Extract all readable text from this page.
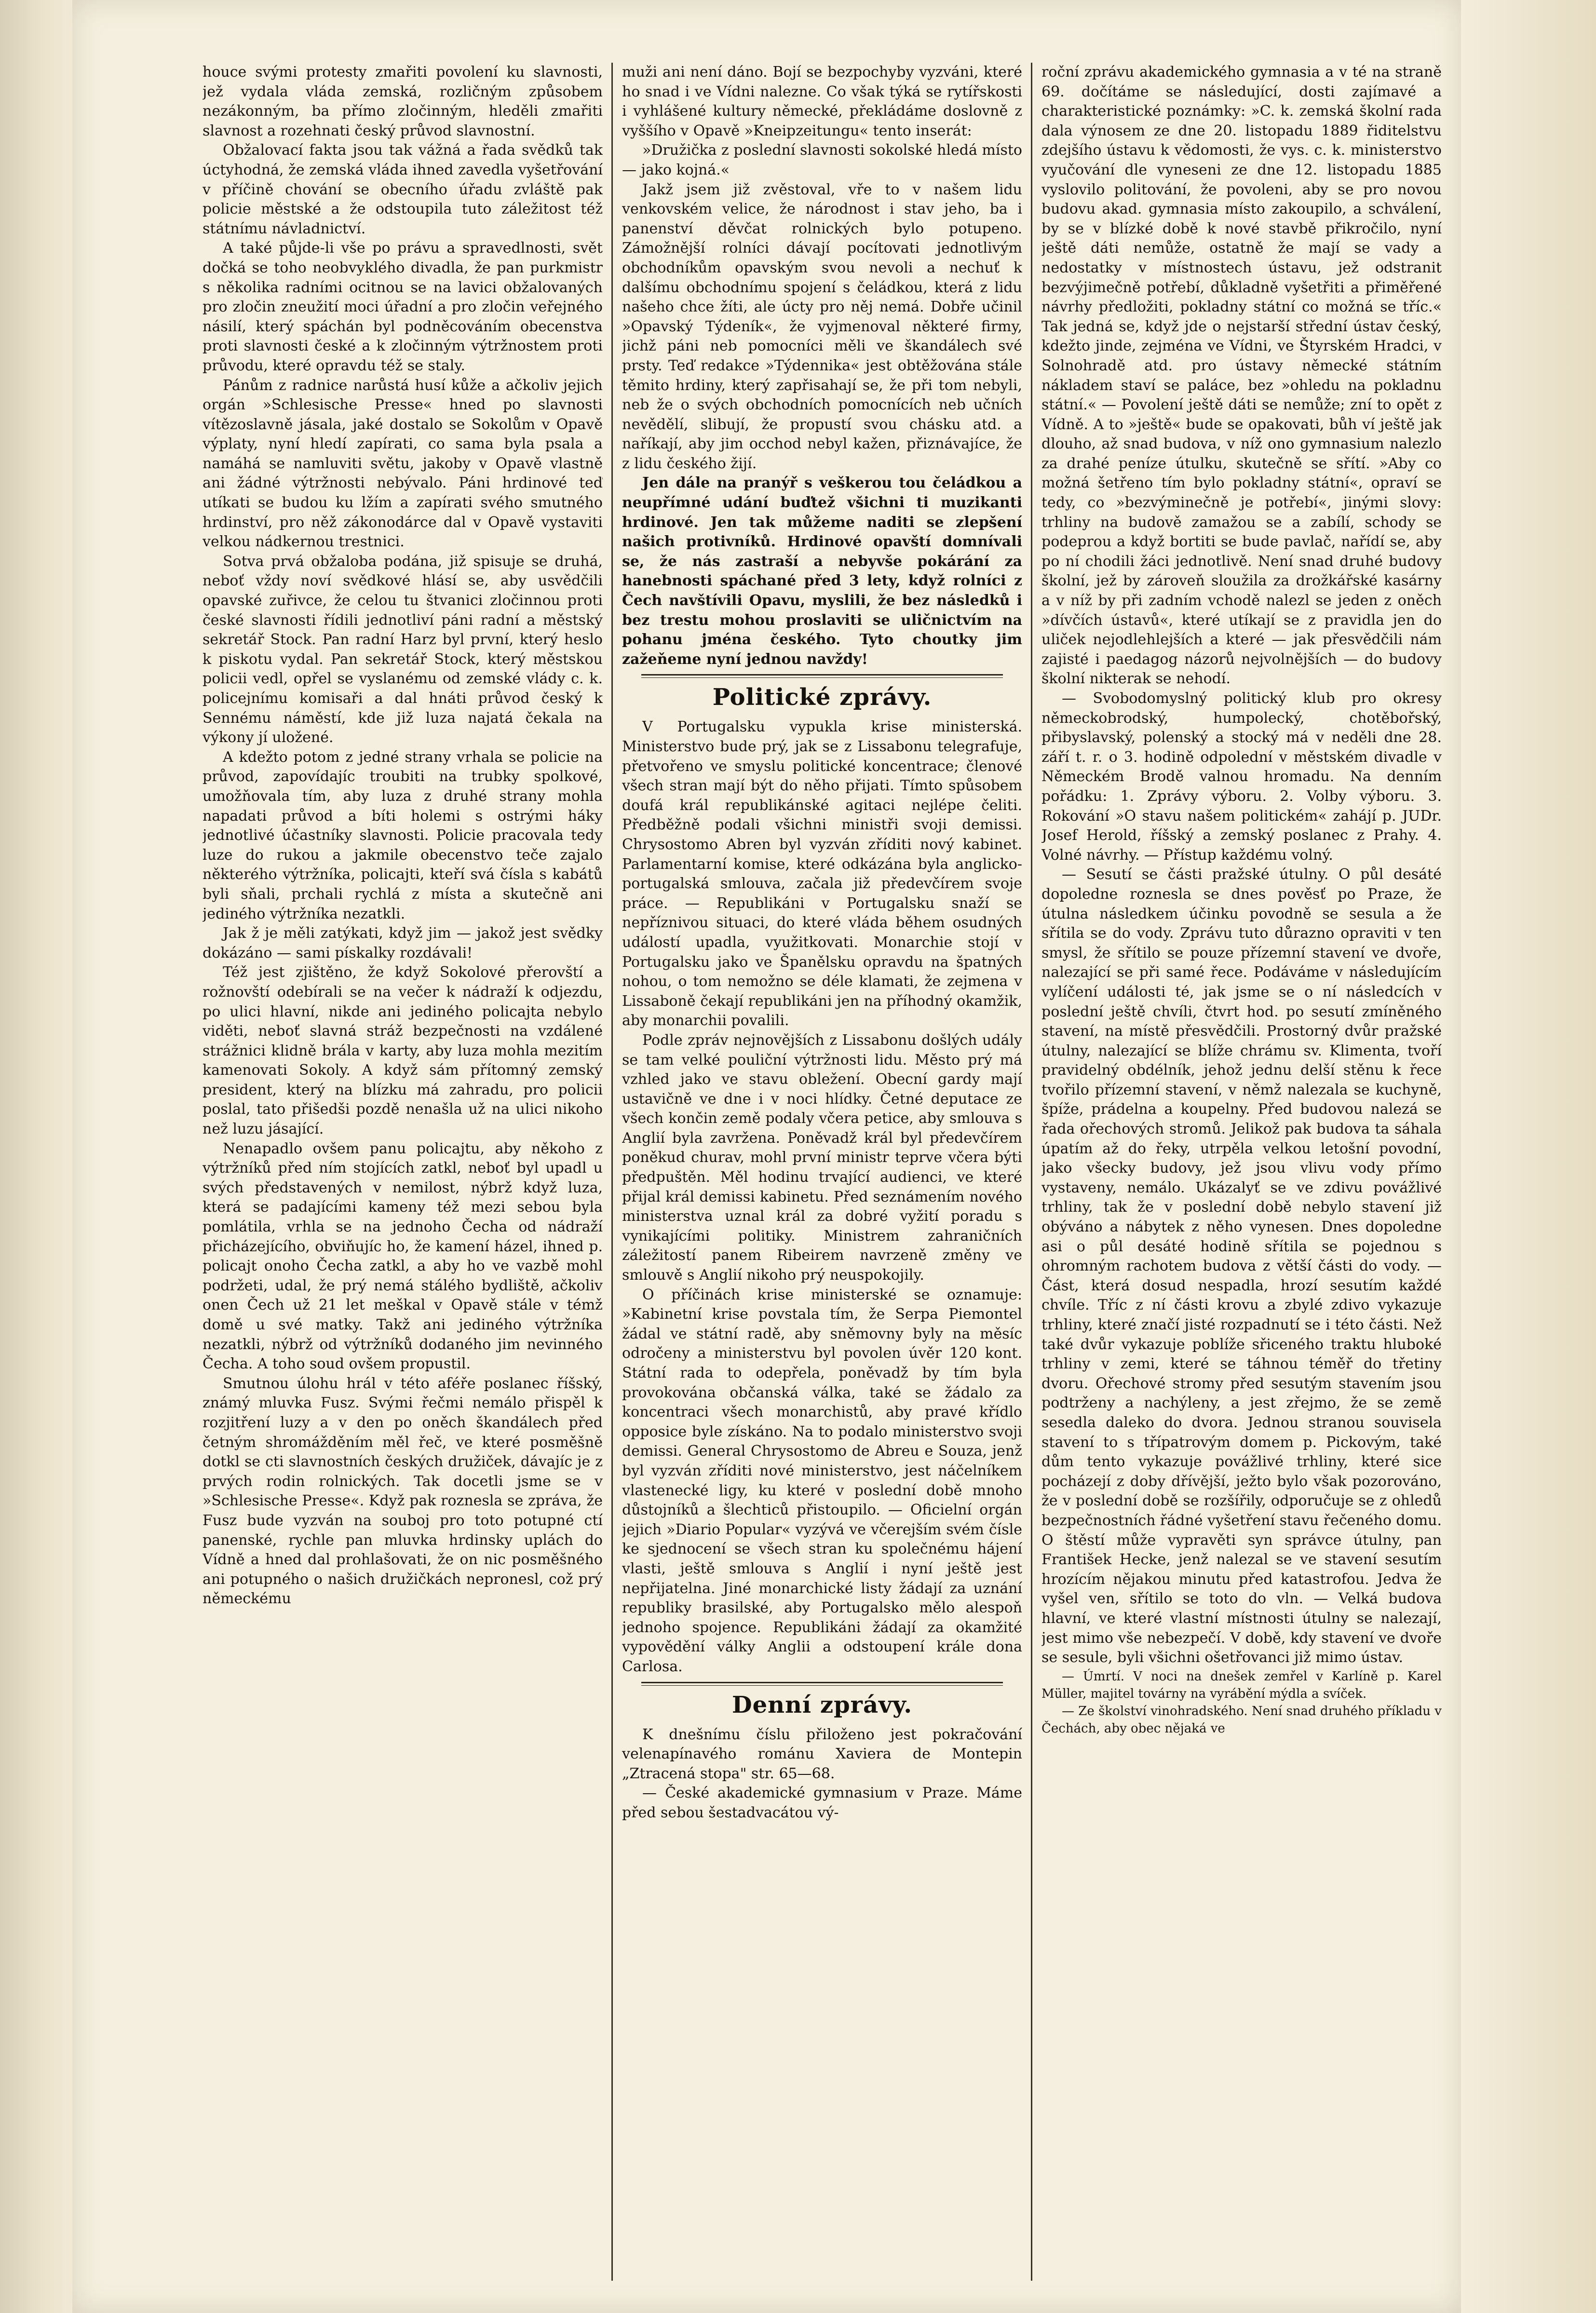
houce svými protesty zmařiti povolení ku slavnosti, jež vydala vláda zemská, rozličným způsobem nezákonným, ba přímo zločinným, hleděli zmařiti slavnost a rozehnati český průvod slavnostní.

Obžalovací fakta jsou tak vážná a řada svědků tak úctyhodná, že zemská vláda ihned zavedla vyšetřování v příčině chování se obecního úřadu zvláště pak policie městské a že odstoupila tuto záležitost též státnímu návladnictví.

A také půjde-li vše po právu a spravedlnosti, svět dočká se toho neobvyklého divadla, že pan purkmistr s několika radními ocitnou se na lavici obžalovaných pro zločin zneužití moci úřadní a pro zločin veřejného násilí, který spáchán byl podněcováním obecenstva proti slavnosti české a k zločinným výtržnostem proti průvodu, které opravdu též se staly.

Pánům z radnice narůstá husí kůže a ačkoliv jejich orgán »Schlesische Presse« hned po slavnosti vítězoslavně jásala, jaké dostalo se Sokolům v Opavě výplaty, nyní hledí zapírati, co sama byla psala a namáhá se namluviti světu, jakoby v Opavě vlastně ani žádné výtržnosti nebývalo. Páni hrdinové teď utíkati se budou ku lžím a zapírati svého smutného hrdinství, pro něž zákonodárce dal v Opavě vystaviti velkou nádkernou trestnici.

Sotva prvá obžaloba podána, již spisuje se druhá, neboť vždy noví svědkové hlásí se, aby usvědčili opavské zuřivce, že celou tu štvanici zločinnou proti české slavnosti řídili jednotliví páni radní a městský sekretář Stock. Pan radní Harz byl první, který heslo k piskotu vydal. Pan sekretář Stock, který městskou policii vedl, opřel se vyslanému od zemské vlády c. k. policejnímu komisaři a dal hnáti průvod český k Sennému náměstí, kde již luza najatá čekala na výkony jí uložené.

A kdežto potom z jedné strany vrhala se policie na průvod, zapovídajíc troubiti na trubky spolkové, umožňovala tím, aby luza z druhé strany mohla napadati průvod a bíti holemi s ostrými háky jednotlivé účastníky slavnosti. Policie pracovala tedy luze do rukou a jakmile obecenstvo teče zajalo některého výtržníka, policajti, kteří svá čísla s kabátů byli sňali, prchali rychlá z místa a skutečně ani jediného výtržníka nezatkli.

Jak ž je měli zatýkati, když jim — jakož jest svědky dokázáno — sami pískalky rozdávali!

Též jest zjištěno, že když Sokolové přerovští a rožnovští odebírali se na večer k nádraží k odjezdu, po ulici hlavní, nikde ani jediného policajta nebylo viděti, neboť slavná stráž bezpečnosti na vzdálené strážnici klidně brála v karty, aby luza mohla mezitím kamenovati Sokoly. A když sám přítomný zemský president, který na blízku má zahradu, pro policii poslal, tato přišedši pozdě nenašla už na ulici nikoho než luzu jásající.

Nenapadlo ovšem panu policajtu, aby někoho z výtržníků před ním stojících zatkl, neboť byl upadl u svých představených v nemilost, nýbrž když luza, která se padajícími kameny též mezi sebou byla pomlátila, vrhla se na jednoho Čecha od nádraží přicházejícího, obviňujíc ho, že kamení házel, ihned p. policajt onoho Čecha zatkl, a aby ho ve vazbě mohl podržeti, udal, že prý nemá stálého bydliště, ačkoliv onen Čech už 21 let meškal v Opavě stále v témž domě u své matky. Takž ani jediného výtržníka nezatkli, nýbrž od výtržníků dodaného jim nevinného Čecha. A toho soud ovšem propustil.

Smutnou úlohu hrál v této aféře poslanec říšský, známý mluvka Fusz. Svými řečmi nemálo přispěl k rozjitření luzy a v den po oněch škandálech před četným shromážděním měl řeč, ve které posměšně dotkl se cti slavnostních českých družiček, dávajíc je z prvých rodin rolnických. Tak docetli jsme se v »Schlesische Presse«. Když pak roznesla se zpráva, že Fusz bude vyzván na souboj pro toto potupné ctí panenské, rychle pan mluvka hrdinsky uplách do Vídně a hned dal prohlašovati, že on nic posměšného ani potupného o našich družičkách nepronesl, což prý německému

muži ani není dáno. Bojí se bezpochyby vyzváni, které ho snad i ve Vídni nalezne. Co však týká se rytířskosti i vyhlášené kultury německé, překládáme doslovně z vyššího v Opavě »Kneipzeitungu« tento inserát:

»Družička z poslední slavnosti sokolské hledá místo — jako kojná.«

Jakž jsem již zvěstoval, vře to v našem lidu venkovském velice, že národnost i stav jeho, ba i panenství děvčat rolnických bylo potupeno. Zámožnější rolníci dávají pocítovati jednotlivým obchodníkům opavským svou nevoli a nechuť k dalšímu obchodnímu spojení s čeládkou, která z lidu našeho chce žíti, ale úcty pro něj nemá. Dobře učinil »Opavský Týdeník«, že vyjmenoval některé firmy, jichž páni neb pomocníci měli ve škandálech své prsty. Teď redakce »Týdennika« jest obtěžována stále těmito hrdiny, který zapřisahají se, že při tom nebyli, neb že o svých obchodních pomocnících neb učních nevědělí, slibují, že propustí svou chásku atd. a naříkají, aby jim occhod nebyl kažen, přiznávajíce, že z lidu českého žijí.

Jen dále na pranýř s veškerou tou čeládkou a neupřímné udání buďtež všichni ti muzikanti hrdinové. Jen tak můžeme naditi se zlepšení našich protivníků. Hrdinové opavští domnívali se, že nás zastraší a nebyvše pokárání za hanebnosti spáchané před 3 lety, když rolníci z Čech navštívili Opavu, myslili, že bez následků i bez trestu mohou proslaviti se uličnictvím na pohanu jména českého. Tyto choutky jim zažeňeme nyní jednou navždy!

Politické zprávy.

V Portugalsku vypukla krise ministerská. Ministerstvo bude prý, jak se z Lissabonu telegrafuje, přetvořeno ve smyslu politické koncentrace; členové všech stran mají být do něho přijati. Tímto spůsobem doufá král republikánské agitaci nejlépe čeliti. Předběžně podali všichni ministři svoji demissi. Chrysostomo Abren byl vyzván zříditi nový kabinet. Parlamentarní komise, které odkázána byla anglicko-portugalská smlouva, začala již předevčírem svoje práce. — Republikáni v Portugalsku snaží se nepříznivou situaci, do které vláda během osudných událostí upadla, využitkovati. Monarchie stojí v Portugalsku jako ve Španělsku opravdu na špatných nohou, o tom nemožno se déle klamati, že zejmena v Lissaboně čekají republikáni jen na příhodný okamžik, aby monarchii povalili.

Podle zpráv nejnovějších z Lissabonu došlých udály se tam velké pouliční výtržnosti lidu. Město prý má vzhled jako ve stavu obležení. Obecní gardy mají ustavičně ve dne i v noci hlídky. Četné deputace ze všech končin země podaly včera petice, aby smlouva s Anglií byla zavržena. Poněvadž král byl předevčírem poněkud churav, mohl první ministr teprve včera býti předpuštěn. Měl hodinu trvající audienci, ve které přijal král demissi kabinetu. Před seznámením nového ministerstva uznal král za dobré vyžití poradu s vynikajícími politiky. Ministrem zahraničních záležitostí panem Ribeirem navrzeně změny ve smlouvě s Anglií nikoho prý neuspokojily.

O příčinách krise ministerské se oznamuje: »Kabinetní krise povstala tím, že Serpa Piemontel žádal ve státní radě, aby sněmovny byly na měsíc odročeny a ministerstvu byl povolen úvěr 120 kont. Státní rada to odepřela, poněvadž by tím byla provokována občanská válka, také se žádalo za koncentraci všech monarchistů, aby pravé křídlo opposice byle získáno. Na to podalo ministerstvo svoji demissi. General Chrysostomo de Abreu e Souza, jenž byl vyzván zříditi nové ministerstvo, jest náčelníkem vlastenecké ligy, ku které v poslední době mnoho důstojníků a šlechticů přistoupilo. — Oficielní orgán jejich »Diario Popular« vyzývá ve včerejším svém čísle ke sjednocení se všech stran ku společnému hájení vlasti, ještě smlouva s Anglií i nyní ještě jest nepřijatelna. Jiné monarchické listy žádají za uznání republiky brasilské, aby Portugalsko mělo alespoň jednoho spojence. Republikáni žádají za okamžité vypovědění války Anglii a odstoupení krále dona Carlosa.

Denní zprávy.

K dnešnímu číslu přiloženo jest pokračování velenapínavého románu Xaviera de Montepin „Ztracená stopa" str. 65—68.

— České akademické gymnasium v Praze. Máme před sebou šestadvacátou vý-

roční zprávu akademického gymnasia a v té na straně 69. dočítáme se následující, dosti zajímavé a charakteristické poznámky: »C. k. zemská školní rada dala výnosem ze dne 20. listopadu 1889 řiditelstvu zdejšího ústavu k vědomosti, že vys. c. k. ministerstvo vyučování dle vyneseni ze dne 12. listopadu 1885 vyslovilo politování, že povoleni, aby se pro novou budovu akad. gymnasia místo zakoupilo, a schválení, by se v blízké době k nové stavbě přikročilo, nyní ještě dáti nemůže, ostatně že mají se vady a nedostatky v místnostech ústavu, jež odstranit bezvýjimečně potřebí, důkladně vyšetřiti a přiměřené návrhy předložiti, pokladny státní co možná se tříc.« Tak jedná se, když jde o nejstarší střední ústav český, kdežto jinde, zejména ve Vídni, ve Štyrském Hradci, v Solnohradě atd. pro ústavy německé státním nákladem staví se paláce, bez »ohledu na pokladnu státní.« — Povolení ještě dáti se nemůže; zní to opět z Vídně. A to »ještě« bude se opakovati, bůh ví ještě jak dlouho, až snad budova, v níž ono gymnasium nalezlo za drahé peníze útulku, skutečně se sřítí. »Aby co možná šetřeno tím bylo pokladny státní«, opraví se tedy, co »bezvýminečně je potřebí«, jinými slovy: trhliny na budově zamažou se a zabílí, schody se podeprou a když bortiti se bude pavlač, nařídí se, aby po ní chodili žáci jednotlivě. Není snad druhé budovy školní, jež by zároveň sloužila za drožkářské kasárny a v níž by při zadním vchodě nalezl se jeden z oněch »dívčích ústavů«, které utíkají se z pravidla jen do uliček nejodlehlejších a které — jak přesvědčili nám zajisté i paedagog názorů nejvolnějších — do budovy školní nikterak se nehodí.

— Svobodomyslný politický klub pro okresy německobrodský, humpolecký, chotěbořský, přibyslavský, polenský a stocký má v neděli dne 28. září t. r. o 3. hodině odpolední v městském divadle v Německém Brodě valnou hromadu. Na denním pořádku: 1. Zprávy výboru. 2. Volby výboru. 3. Rokování »O stavu našem politickém« zahájí p. JUDr. Josef Herold, říšský a zemský poslanec z Prahy. 4. Volné návrhy. — Přístup každému volný.

— Sesutí se části pražské útulny. O půl desáté dopoledne roznesla se dnes pověsť po Praze, že útulna následkem účinku povodně se sesula a že sřítila se do vody. Zprávu tuto důrazno opraviti v ten smysl, že sřítilo se pouze přízemní stavení ve dvoře, nalezající se při samé řece. Podáváme v následujícím vylíčení události té, jak jsme se o ní následcích v poslední ještě chvíli, čtvrt hod. po sesutí zmíněného stavení, na místě přesvědčili. Prostorný dvůr pražské útulny, nalezající se blíže chrámu sv. Klimenta, tvoří pravidelný obdélník, jehož jednu delší stěnu k řece tvořilo přízemní stavení, v němž nalezala se kuchyně, špíže, prádelna a koupelny. Před budovou nalezá se řada ořechových stromů. Jelikož pak budova ta sáhala úpatím až do řeky, utrpěla velkou letošní povodní, jako všecky budovy, jež jsou vlivu vody přímo vystaveny, nemálo. Ukázalyť se ve zdivu povážlivé trhliny, tak že v poslední době nebylo stavení již obýváno a nábytek z něho vynesen. Dnes dopoledne asi o půl desáté hodině sřítila se pojednou s ohromným rachotem budova z větší části do vody. — Část, která dosud nespadla, hrozí sesutím každé chvíle. Tříc z ní části krovu a zbylé zdivo vykazuje trhliny, které značí jisté rozpadnutí se i této části. Než také dvůr vykazuje poblíže sřiceného traktu hluboké trhliny v zemi, které se táhnou téměř do třetiny dvoru. Ořechové stromy před sesutým stavením jsou podtrženy a nachýleny, a jest zřejmo, že se země sesedla daleko do dvora. Jednou stranou souvisela stavení to s třípatrovým domem p. Pickovým, také dům tento vykazuje povážlivé trhliny, které sice pocházejí z doby dřívější, ježto bylo však pozorováno, že v poslední době se rozšířily, odporučuje se z ohledů bezpečnostních řádné vyšetření stavu řečeného domu. O štěstí může vypravěti syn správce útulny, pan František Hecke, jenž nalezal se ve stavení sesutím hrozícím nějakou minutu před katastrofou. Jedva že vyšel ven, sřítilo se toto do vln. — Velká budova hlavní, ve které vlastní místnosti útulny se nalezají, jest mimo vše nebezpečí. V době, kdy stavení ve dvoře se sesule, byli všichni ošetřovanci již mimo ústav.

— Úmrtí. V noci na dnešek zemřel v Karlíně p. Karel Müller, majitel továrny na vyrábění mýdla a svíček.

— Ze školství vinohradského. Není snad druhého příkladu v Čechách, aby obec nějaká ve
